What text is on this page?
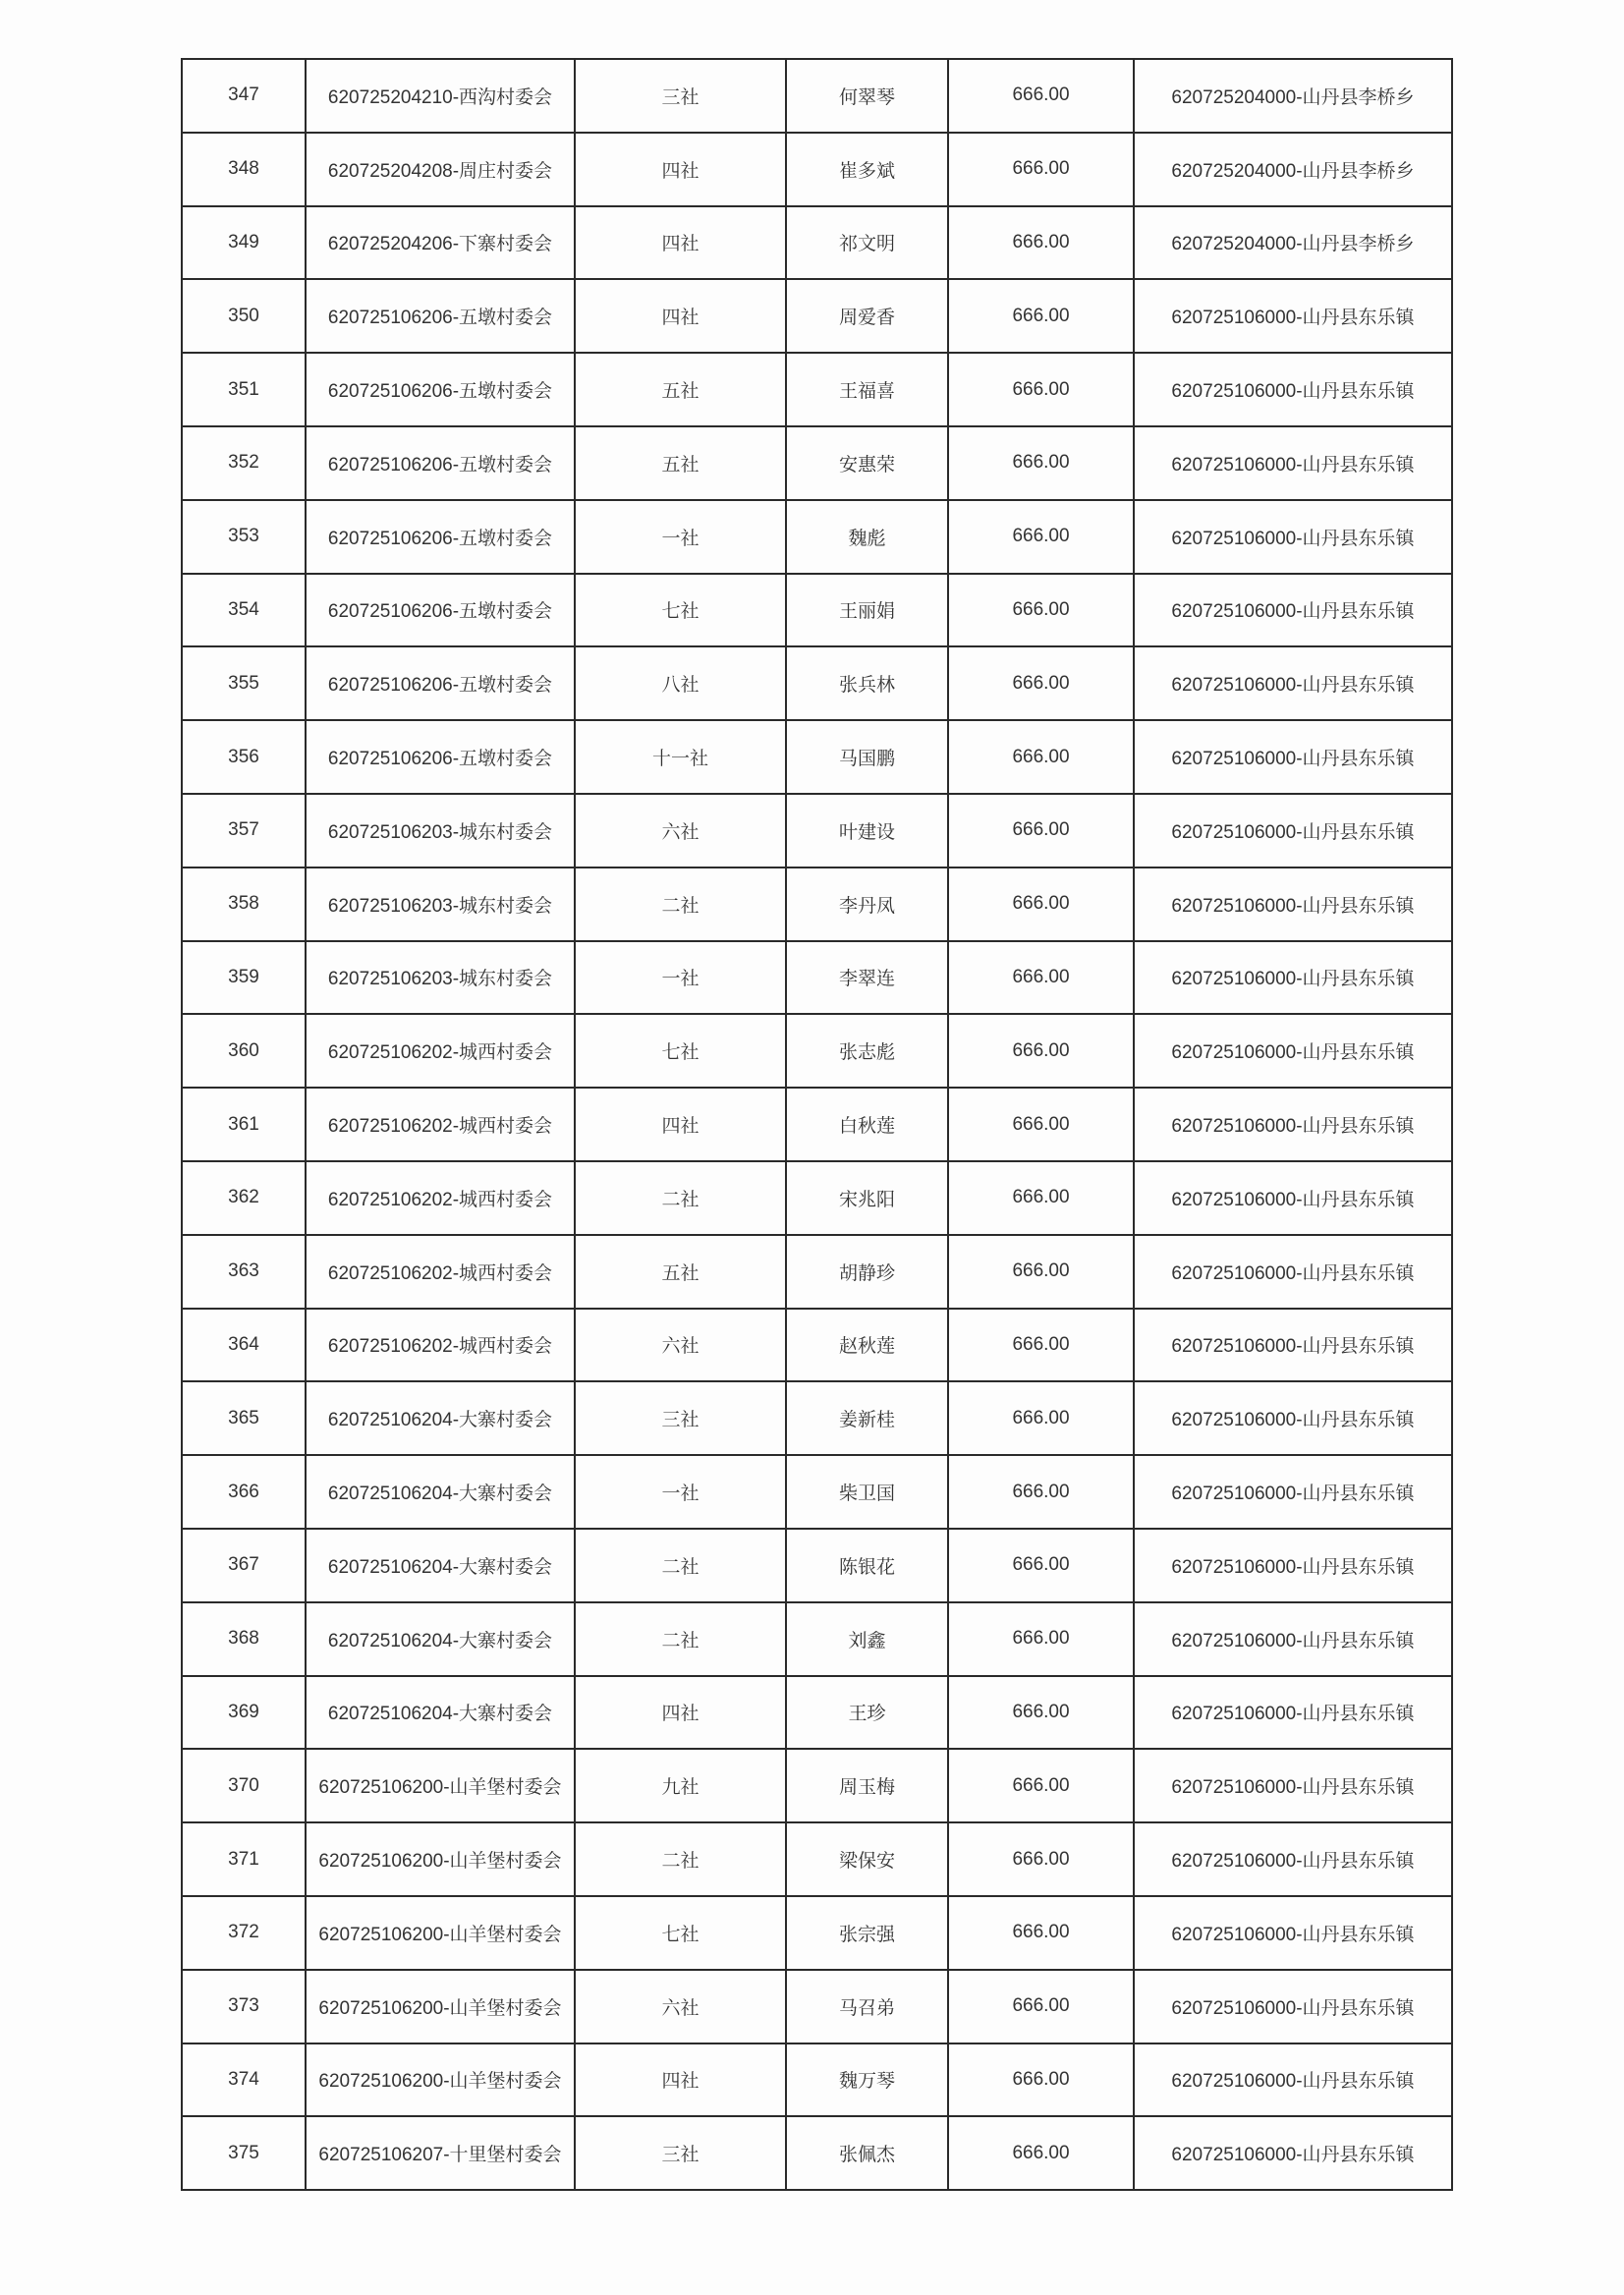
347	620725204210-西沟村委会	三社	何翠琴	666.00	620725204000-山丹县李桥乡
348	620725204208-周庄村委会	四社	崔多斌	666.00	620725204000-山丹县李桥乡
349	620725204206-下寨村委会	四社	祁文明	666.00	620725204000-山丹县李桥乡
350	620725106206-五墩村委会	四社	周爱香	666.00	620725106000-山丹县东乐镇
351	620725106206-五墩村委会	五社	王福喜	666.00	620725106000-山丹县东乐镇
352	620725106206-五墩村委会	五社	安惠荣	666.00	620725106000-山丹县东乐镇
353	620725106206-五墩村委会	一社	魏彪	666.00	620725106000-山丹县东乐镇
354	620725106206-五墩村委会	七社	王丽娟	666.00	620725106000-山丹县东乐镇
355	620725106206-五墩村委会	八社	张兵林	666.00	620725106000-山丹县东乐镇
356	620725106206-五墩村委会	十一社	马国鹏	666.00	620725106000-山丹县东乐镇
357	620725106203-城东村委会	六社	叶建设	666.00	620725106000-山丹县东乐镇
358	620725106203-城东村委会	二社	李丹凤	666.00	620725106000-山丹县东乐镇
359	620725106203-城东村委会	一社	李翠连	666.00	620725106000-山丹县东乐镇
360	620725106202-城西村委会	七社	张志彪	666.00	620725106000-山丹县东乐镇
361	620725106202-城西村委会	四社	白秋莲	666.00	620725106000-山丹县东乐镇
362	620725106202-城西村委会	二社	宋兆阳	666.00	620725106000-山丹县东乐镇
363	620725106202-城西村委会	五社	胡静珍	666.00	620725106000-山丹县东乐镇
364	620725106202-城西村委会	六社	赵秋莲	666.00	620725106000-山丹县东乐镇
365	620725106204-大寨村委会	三社	姜新桂	666.00	620725106000-山丹县东乐镇
366	620725106204-大寨村委会	一社	柴卫国	666.00	620725106000-山丹县东乐镇
367	620725106204-大寨村委会	二社	陈银花	666.00	620725106000-山丹县东乐镇
368	620725106204-大寨村委会	二社	刘鑫	666.00	620725106000-山丹县东乐镇
369	620725106204-大寨村委会	四社	王珍	666.00	620725106000-山丹县东乐镇
370	620725106200-山羊堡村委会	九社	周玉梅	666.00	620725106000-山丹县东乐镇
371	620725106200-山羊堡村委会	二社	梁保安	666.00	620725106000-山丹县东乐镇
372	620725106200-山羊堡村委会	七社	张宗强	666.00	620725106000-山丹县东乐镇
373	620725106200-山羊堡村委会	六社	马召弟	666.00	620725106000-山丹县东乐镇
374	620725106200-山羊堡村委会	四社	魏万琴	666.00	620725106000-山丹县东乐镇
375	620725106207-十里堡村委会	三社	张佩杰	666.00	620725106000-山丹县东乐镇
